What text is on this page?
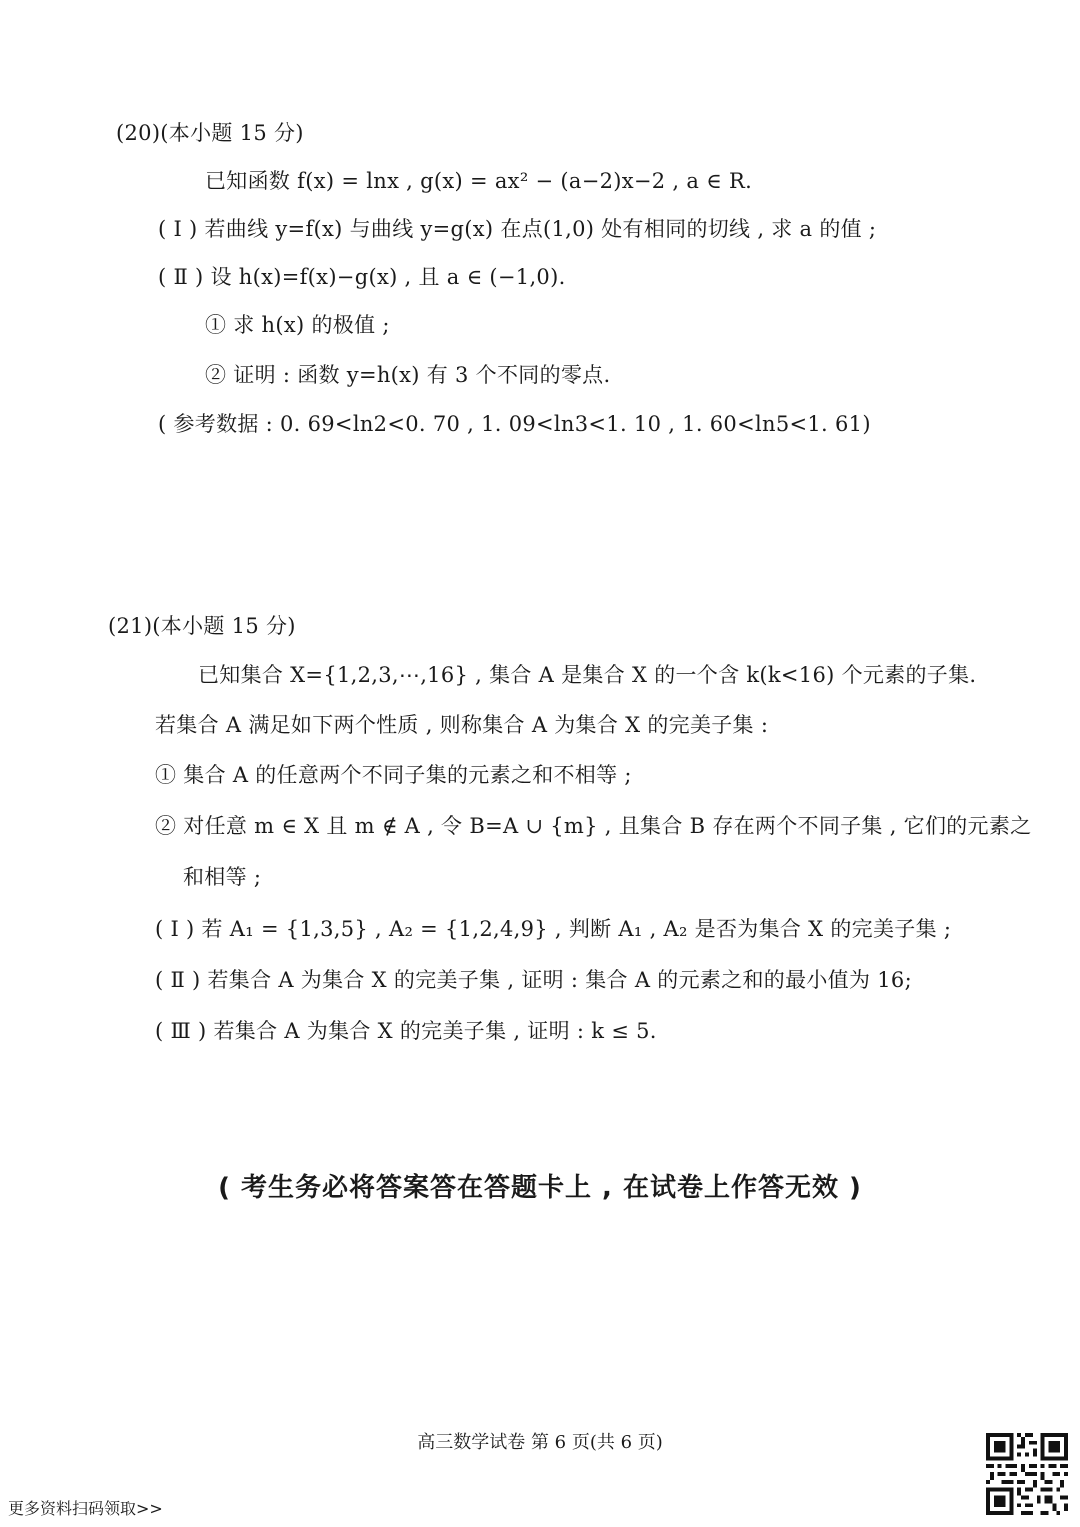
(20)(本小题 15 分)
已知函数 f(x) = lnx , g(x) = ax² − (a−2)x−2 , a ∈ R.
( Ⅰ ) 若曲线 y=f(x) 与曲线 y=g(x) 在点(1,0) 处有相同的切线 , 求 a 的值 ;
( Ⅱ ) 设 h(x)=f(x)−g(x) , 且 a ∈ (−1,0).
① 求 h(x) 的极值 ;
② 证明 : 函数 y=h(x) 有 3 个不同的零点.
( 参考数据 : 0. 69<ln2<0. 70 , 1. 09<ln3<1. 10 , 1. 60<ln5<1. 61)
(21)(本小题 15 分)
已知集合 X={1,2,3,⋯,16} , 集合 A 是集合 X 的一个含 k(k<16) 个元素的子集.
若集合 A 满足如下两个性质 , 则称集合 A 为集合 X 的完美子集 :
① 集合 A 的任意两个不同子集的元素之和不相等 ;
② 对任意 m ∈ X 且 m ∉ A , 令 B=A ∪ {m} , 且集合 B 存在两个不同子集 , 它们的元素之
和相等 ;
( Ⅰ ) 若 A₁ = {1,3,5} , A₂ = {1,2,4,9} , 判断 A₁ , A₂ 是否为集合 X 的完美子集 ;
( Ⅱ ) 若集合 A 为集合 X 的完美子集 , 证明 : 集合 A 的元素之和的最小值为 16;
( Ⅲ ) 若集合 A 为集合 X 的完美子集 , 证明 : k ≤ 5.
( 考生务必将答案答在答题卡上 , 在试卷上作答无效 )
高三数学试卷 第 6 页(共 6 页)
更多资料扫码领取>>
